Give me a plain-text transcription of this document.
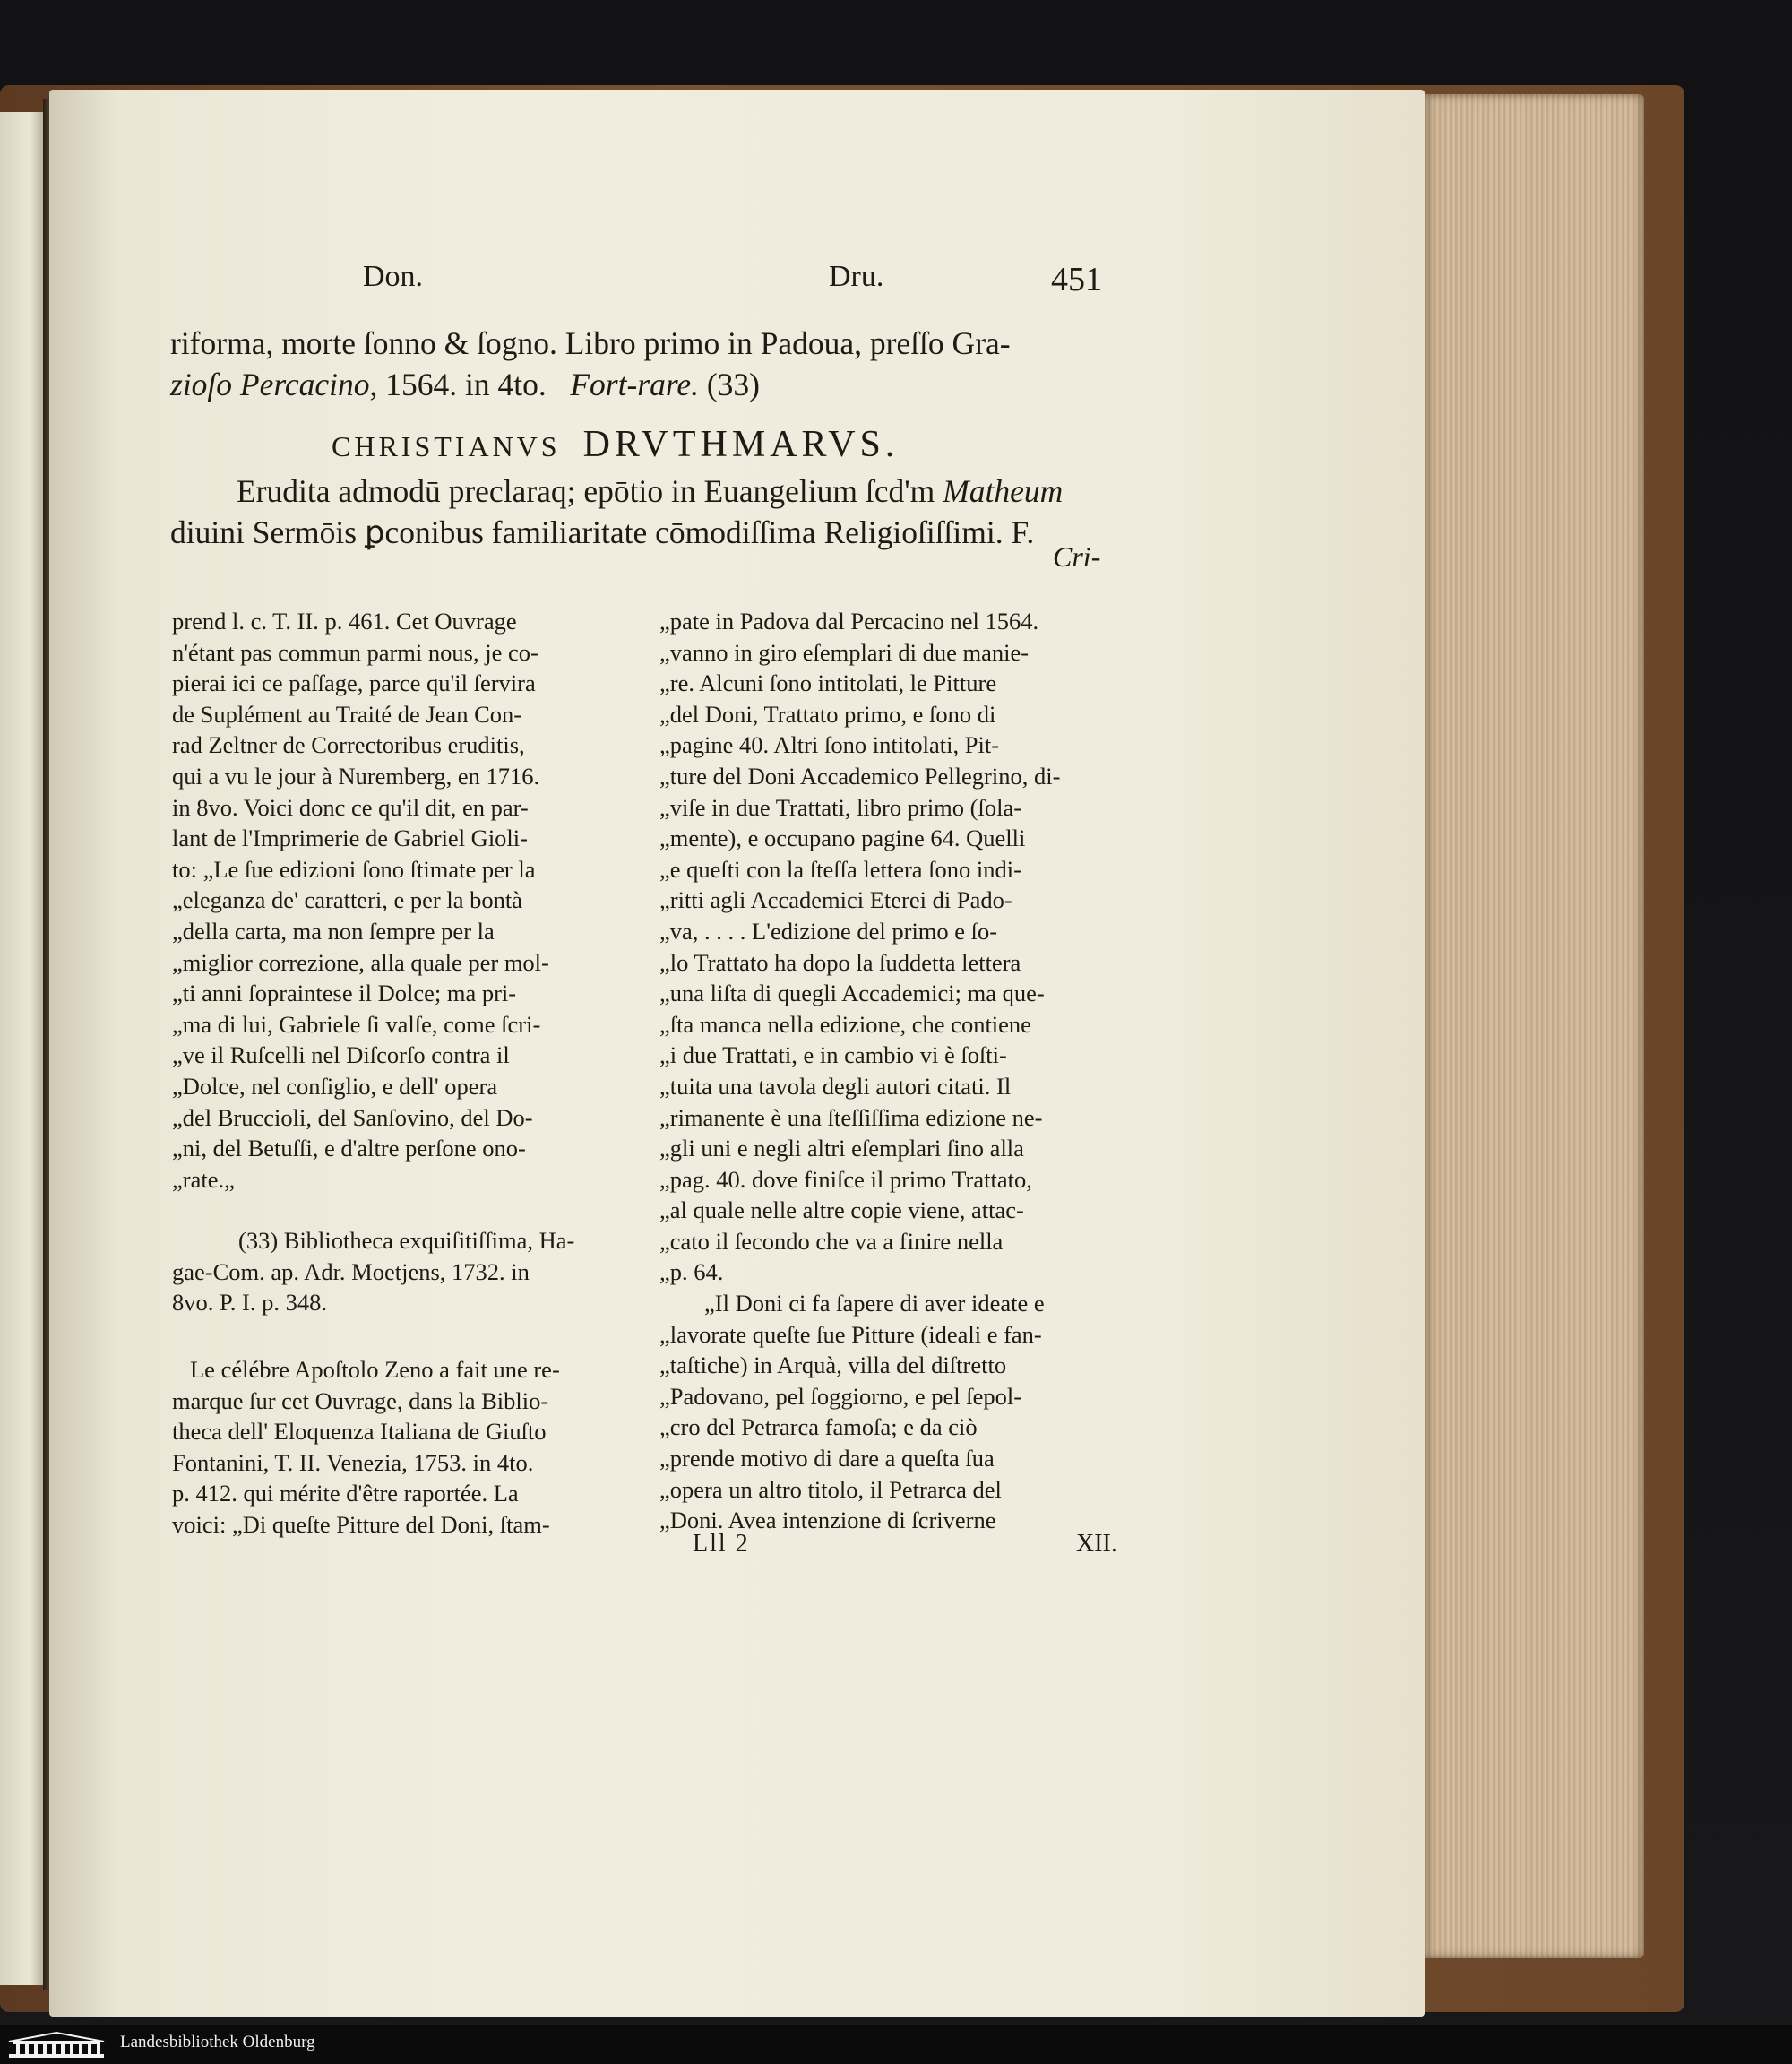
Don.	Dru.	451
riforma, morte ſonno & ſogno. Libro primo in Padoua, preſſo Gra-
zioſo Percacino, 1564. in 4to. Fort-rare. (33)
CHRISTIANVS DRVTHMARVS.
Erudita admodū preclaraq; epōtio in Euangelium ſcd'm Matheum
diuini Sermōis ꝑconibus familiaritate cōmodiſſima Religioſiſſimi. F.
Cri-
prend l. c. T. II. p. 461. Cet Ouvrage
n'étant pas commun parmi nous, je co-
pierai ici ce paſſage, parce qu'il ſervira
de Suplément au Traité de Jean Con-
rad Zeltner de Correctoribus eruditis,
qui a vu le jour à Nuremberg, en 1716.
in 8vo. Voici donc ce qu'il dit, en par-
lant de l'Imprimerie de Gabriel Gioli-
to: „Le ſue edizioni ſono ſtimate per la
„eleganza de' caratteri, e per la bontà
„della carta, ma non ſempre per la
„miglior correzione, alla quale per mol-
„ti anni ſopraintese il Dolce; ma pri-
„ma di lui, Gabriele ſi valſe, come ſcri-
„ve il Ruſcelli nel Diſcorſo contra il
„Dolce, nel conſiglio, e dell' opera
„del Bruccioli, del Sanſovino, del Do-
„ni, del Betuſſi, e d'altre perſone ono-
„rate.„
(33) Bibliotheca exquiſitiſſima, Ha-
gae-Com. ap. Adr. Moetjens, 1732. in
8vo. P. I. p. 348.
Le célébre Apoſtolo Zeno a fait une re-
marque ſur cet Ouvrage, dans la Biblio-
theca dell' Eloquenza Italiana de Giuſto
Fontanini, T. II. Venezia, 1753. in 4to.
p. 412. qui mérite d'être raportée. La
voici: „Di queſte Pitture del Doni, ſtam-
„pate in Padova dal Percacino nel 1564.
„vanno in giro eſemplari di due manie-
„re. Alcuni ſono intitolati, le Pitture
„del Doni, Trattato primo, e ſono di
„pagine 40. Altri ſono intitolati, Pit-
„ture del Doni Accademico Pellegrino, di-
„viſe in due Trattati, libro primo (ſola-
„mente), e occupano pagine 64. Quelli
„e queſti con la ſteſſa lettera ſono indi-
„ritti agli Accademici Eterei di Pado-
„va, . . . . L'edizione del primo e ſo-
„lo Trattato ha dopo la ſuddetta lettera
„una liſta di quegli Accademici; ma que-
„ſta manca nella edizione, che contiene
„i due Trattati, e in cambio vi è ſoſti-
„tuita una tavola degli autori citati. Il
„rimanente è una ſteſſiſſima edizione ne-
„gli uni e negli altri eſemplari ſino alla
„pag. 40. dove finiſce il primo Trattato,
„al quale nelle altre copie viene, attac-
„cato il ſecondo che va a finire nella
„p. 64.
„Il Doni ci fa ſapere di aver ideate e
„lavorate queſte ſue Pitture (ideali e fan-
„taſtiche) in Arquà, villa del diſtretto
„Padovano, pel ſoggiorno, e pel ſepol-
„cro del Petrarca famoſa; e da ciò
„prende motivo di dare a queſta ſua
„opera un altro titolo, il Petrarca del
„Doni. Avea intenzione di ſcriverne
Lll 2	XII.
Landesbibliothek Oldenburg
